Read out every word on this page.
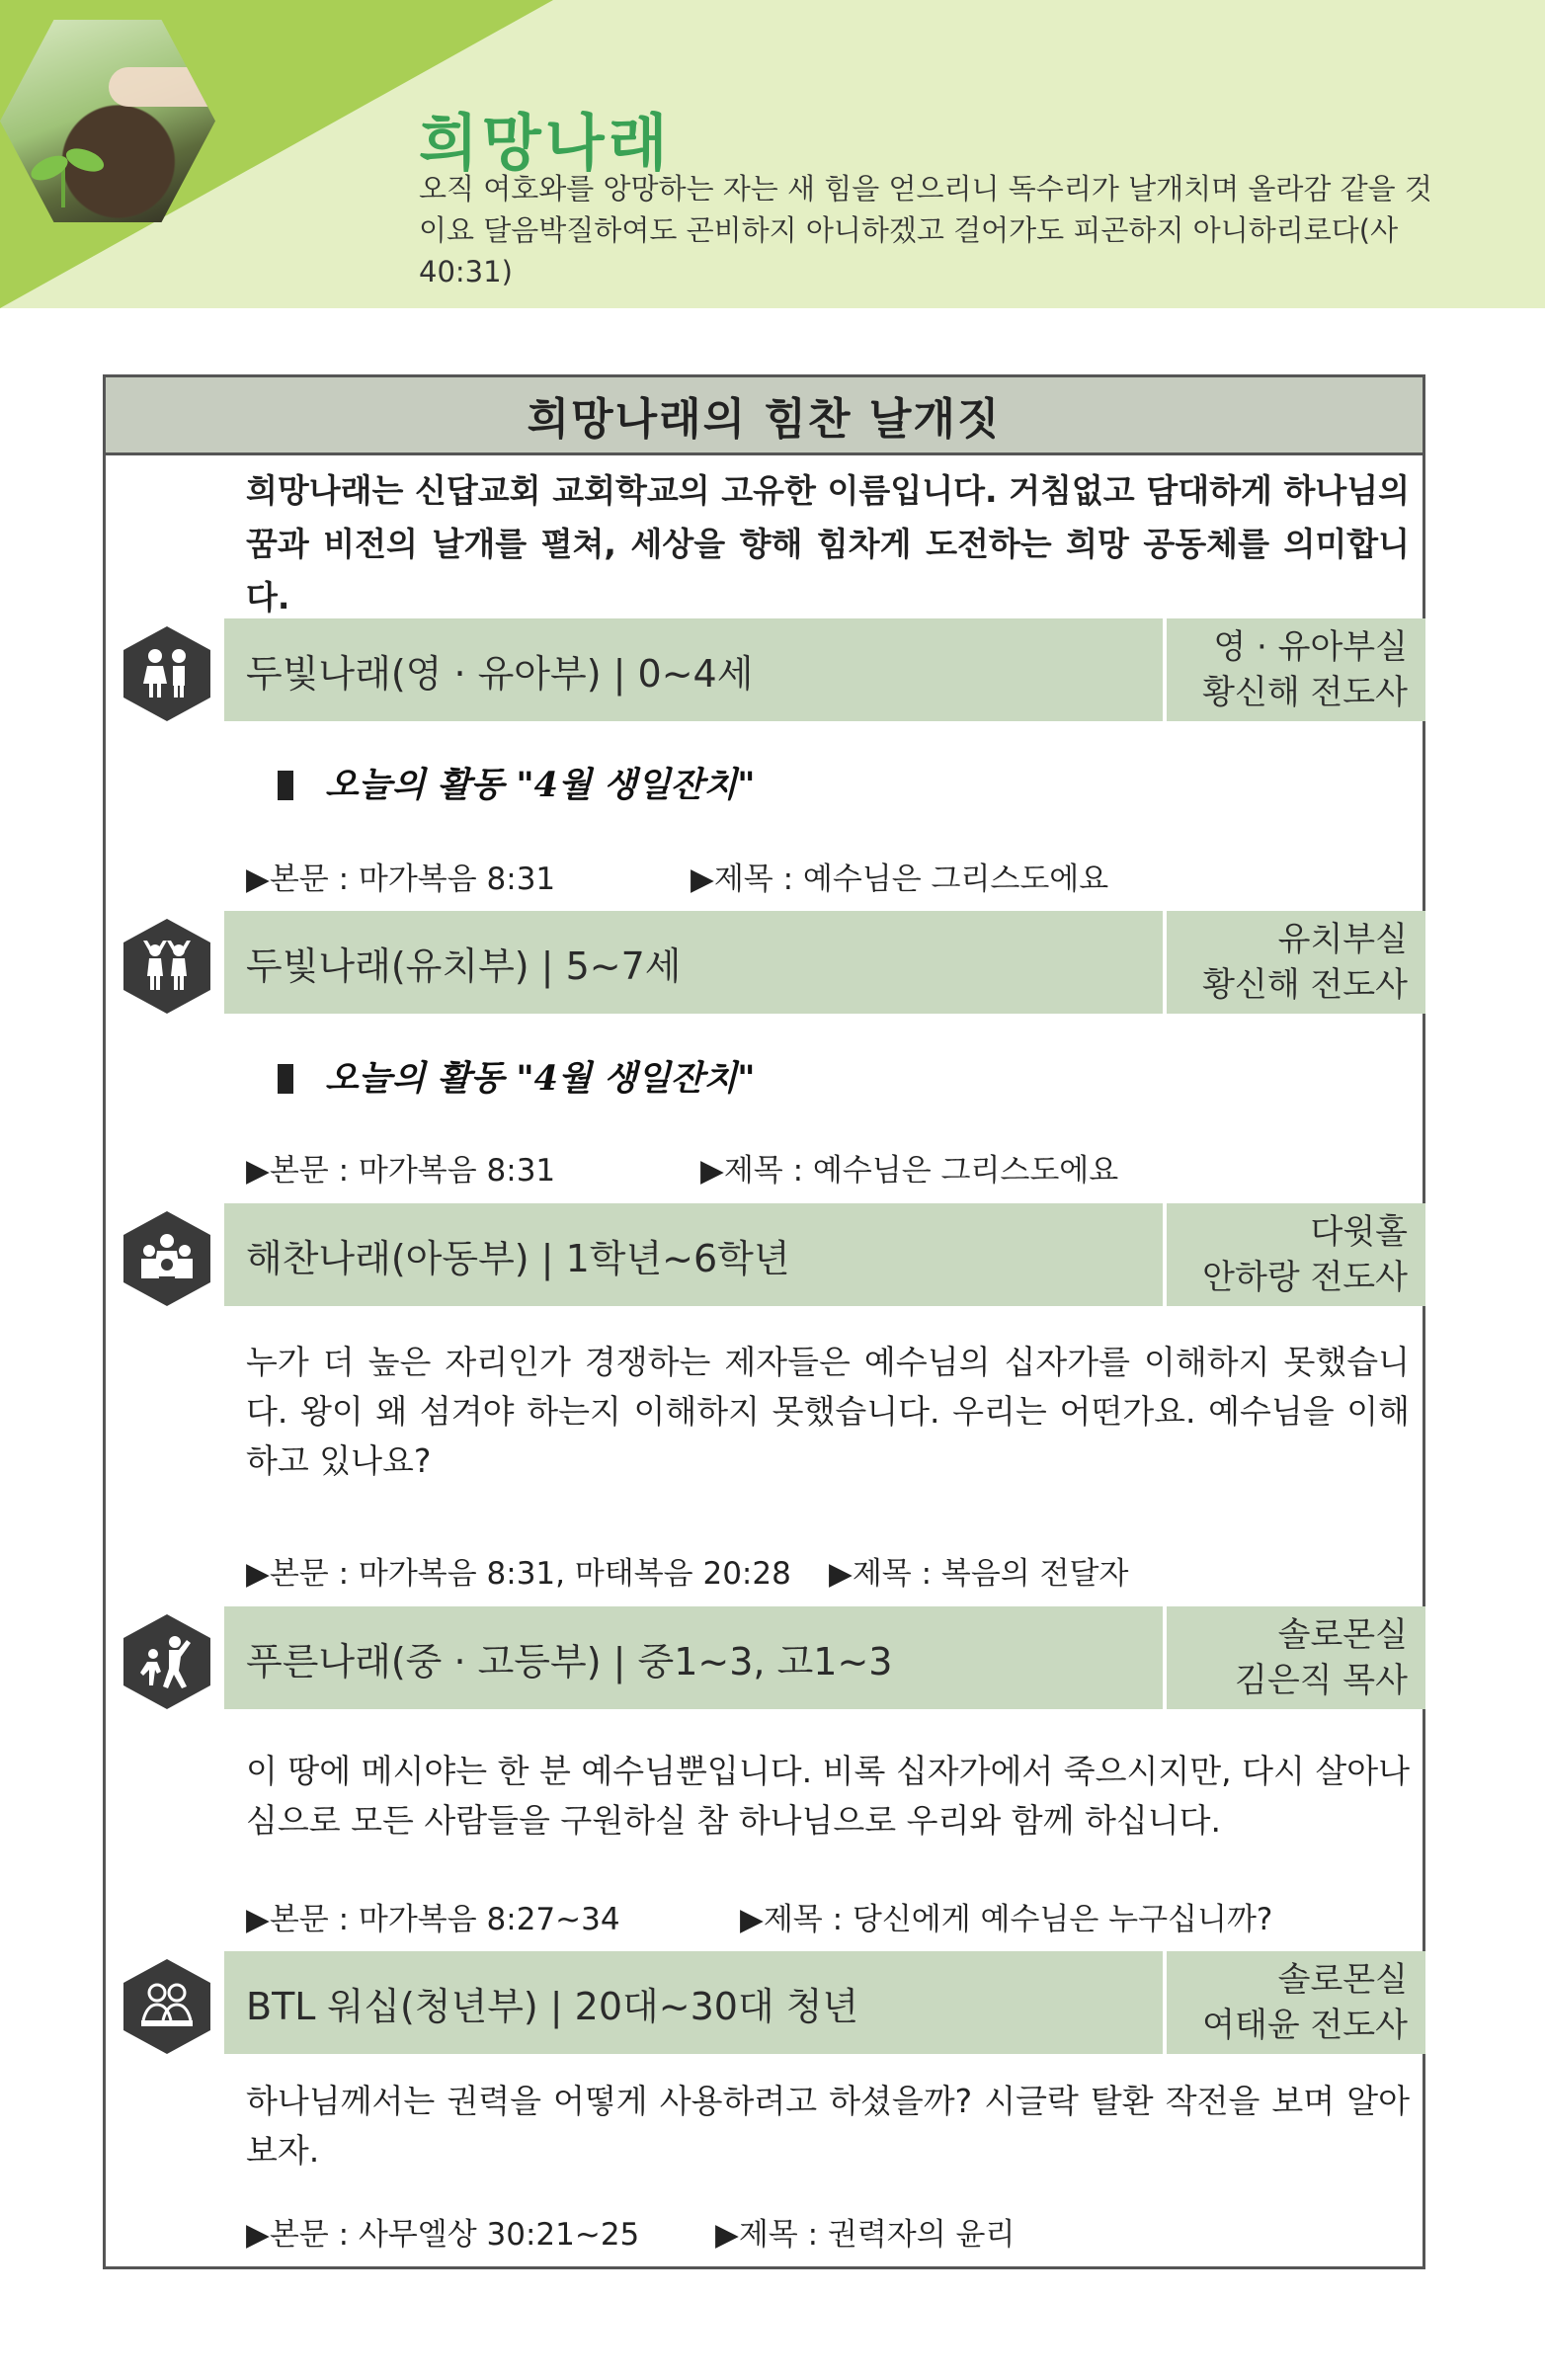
희망나래
오직 여호와를 앙망하는 자는 새 힘을 얻으리니 독수리가 날개치며 올라감 같을 것이요 달음박질하여도 곤비하지 아니하겠고 걸어가도 피곤하지 아니하리로다(사 40:31)
희망나래의 힘찬 날개짓
희망나래는 신답교회 교회학교의 고유한 이름입니다. 거침없고 담대하게 하나님의 꿈과 비전의 날개를 펼쳐, 세상을 향해 힘차게 도전하는 희망 공동체를 의미합니다.
두빛나래(영 · 유아부) | 0~4세
영 · 유아부실
황신해 전도사
오늘의 활동 "4월 생일잔치"
▶본문 : 마가복음 8:31	▶제목 : 예수님은 그리스도에요
두빛나래(유치부) | 5~7세
유치부실
황신해 전도사
오늘의 활동 "4월 생일잔치"
▶본문 : 마가복음 8:31	▶제목 : 예수님은 그리스도에요
해찬나래(아동부) | 1학년~6학년
다윗홀
안하랑 전도사
누가 더 높은 자리인가 경쟁하는 제자들은 예수님의 십자가를 이해하지 못했습니다. 왕이 왜 섬겨야 하는지 이해하지 못했습니다. 우리는 어떤가요. 예수님을 이해하고 있나요?
▶본문 : 마가복음 8:31, 마태복음 20:28 ▶제목 : 복음의 전달자
푸른나래(중 · 고등부) | 중1~3, 고1~3
솔로몬실
김은직 목사
이 땅에 메시야는 한 분 예수님뿐입니다. 비록 십자가에서 죽으시지만, 다시 살아나심으로 모든 사람들을 구원하실 참 하나님으로 우리와 함께 하십니다.
▶본문 : 마가복음 8:27~34	▶제목 : 당신에게 예수님은 누구십니까?
BTL 워십(청년부) | 20대~30대 청년
솔로몬실
여태윤 전도사
하나님께서는 권력을 어떻게 사용하려고 하셨을까? 시글락 탈환 작전을 보며 알아보자.
▶본문 : 사무엘상 30:21~25 ▶제목 : 권력자의 윤리
